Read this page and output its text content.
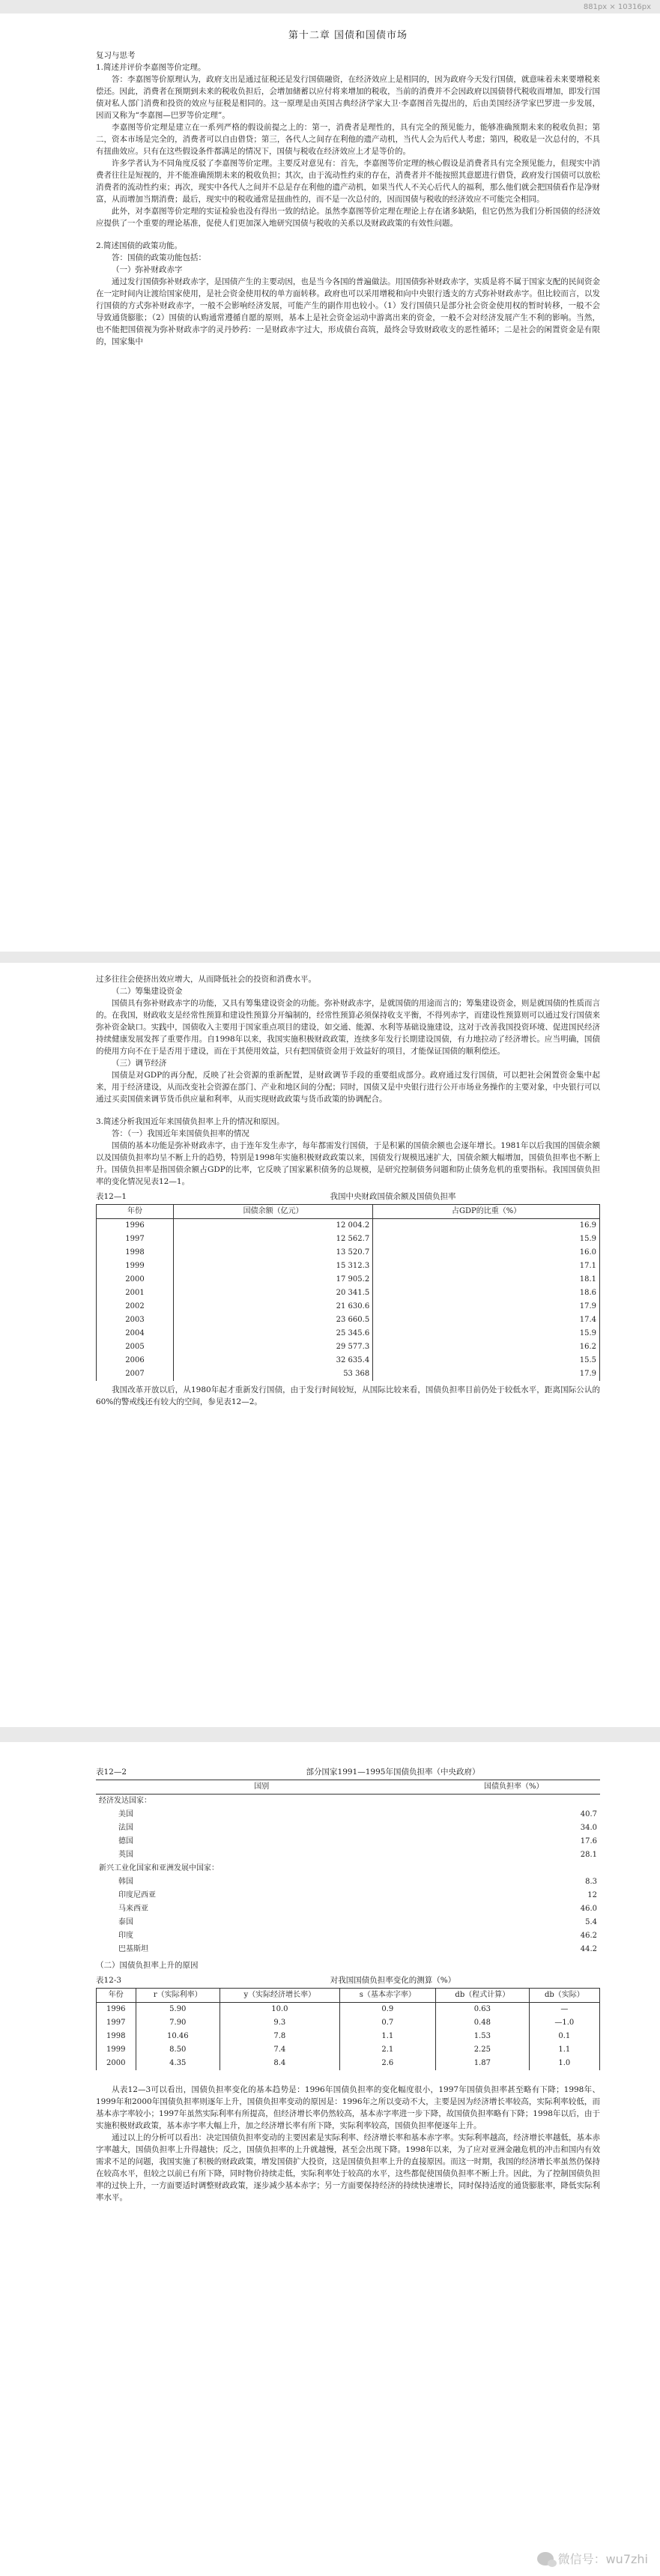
881px × 10316px
第十二章 国债和国债市场

复习与思考

1.简述并评价李嘉图等价定理。

答：李嘉图等价原理认为，政府支出是通过征税还是发行国债融资，在经济效应上是相同的，因为政府今天发行国债，就意味着未来要增税来偿还。因此，消费者在预期到未来的税收负担后，会增加储蓄以应付将来增加的税收，当前的消费并不会因政府以国债替代税收而增加，即发行国债对私人部门消费和投资的效应与征税是相同的。这一原理是由英国古典经济学家大卫·李嘉图首先提出的，后由美国经济学家巴罗进一步发展，因而又称为“李嘉图—巴罗等价定理”。

李嘉图等价定理是建立在一系列严格的假设前提之上的：第一，消费者是理性的，具有完全的预见能力，能够准确预期未来的税收负担；第二，资本市场是完全的，消费者可以自由借贷；第三，各代人之间存在利他的遗产动机，当代人会为后代人考虑；第四，税收是一次总付的，不具有扭曲效应。只有在这些假设条件都满足的情况下，国债与税收在经济效应上才是等价的。

许多学者认为不同角度反驳了李嘉图等价定理。主要反对意见有：首先，李嘉图等价定理的核心假设是消费者具有完全预见能力，但现实中消费者往往是短视的，并不能准确预期未来的税收负担；其次，由于流动性约束的存在，消费者并不能按照其意愿进行借贷，政府发行国债可以放松消费者的流动性约束；再次，现实中各代人之间并不总是存在利他的遗产动机，如果当代人不关心后代人的福利，那么他们就会把国债看作是净财富，从而增加当期消费；最后，现实中的税收通常是扭曲性的，而不是一次总付的，因而国债与税收的经济效应不可能完全相同。

此外，对李嘉图等价定理的实证检验也没有得出一致的结论。虽然李嘉图等价定理在理论上存在诸多缺陷，但它仍然为我们分析国债的经济效应提供了一个重要的理论基准，促使人们更加深入地研究国债与税收的关系以及财政政策的有效性问题。

2.简述国债的政策功能。

答：国债的政策功能包括：

（一）弥补财政赤字

通过发行国债弥补财政赤字，是国债产生的主要动因，也是当今各国的普遍做法。用国债弥补财政赤字，实质是将不属于国家支配的民间资金在一定时间内让渡给国家使用，是社会资金使用权的单方面转移。政府也可以采用增税和向中央银行透支的方式弥补财政赤字。但比较而言，以发行国债的方式弥补财政赤字，一般不会影响经济发展，可能产生的副作用也较小。（1）发行国债只是部分社会资金使用权的暂时转移，一般不会导致通货膨胀；（2）国债的认购通常遵循自愿的原则，基本上是社会资金运动中游离出来的资金，一般不会对经济发展产生不利的影响。当然，也不能把国债视为弥补财政赤字的灵丹妙药：一是财政赤字过大，形成债台高筑，最终会导致财政收支的恶性循环；二是社会的闲置资金是有限的，国家集中

过多往往会使挤出效应增大，从而降低社会的投资和消费水平。

（二）筹集建设资金

国债具有弥补财政赤字的功能，又具有筹集建设资金的功能。弥补财政赤字，是就国债的用途而言的；筹集建设资金，则是就国债的性质而言的。在我国，财政收支是经常性预算和建设性预算分开编制的，经常性预算必须保持收支平衡，不得列赤字，而建设性预算则可以通过发行国债来弥补资金缺口。实践中，国债收入主要用于国家重点项目的建设，如交通、能源、水利等基础设施建设，这对于改善我国投资环境、促进国民经济持续健康发展发挥了重要作用。自1998年以来，我国实施积极财政政策，连续多年发行长期建设国债，有力地拉动了经济增长。应当明确，国债的使用方向不在于是否用于建设，而在于其使用效益，只有把国债资金用于效益好的项目，才能保证国债的顺利偿还。

（三）调节经济

国债是对GDP的再分配，反映了社会资源的重新配置，是财政调节手段的重要组成部分。政府通过发行国债，可以把社会闲置资金集中起来，用于经济建设，从而改变社会资源在部门、产业和地区间的分配；同时，国债又是中央银行进行公开市场业务操作的主要对象，中央银行可以通过买卖国债来调节货币供应量和利率，从而实现财政政策与货币政策的协调配合。

3.简述分析我国近年来国债负担率上升的情况和原因。

答：（一）我国近年来国债负担率的情况

国债的基本功能是弥补财政赤字，由于连年发生赤字，每年都需发行国债，于是积累的国债余额也会逐年增长。1981年以后我国的国债余额以及国债负担率均呈不断上升的趋势，特别是1998年实施积极财政政策以来，国债发行规模迅速扩大，国债余额大幅增加，国债负担率也不断上升。国债负担率是指国债余额占GDP的比率，它反映了国家累积债务的总规模，是研究控制债务问题和防止债务危机的重要指标。我国国债负担率的变化情况见表12—1。

表12—1	我国中央财政国债余额及国债负担率
年份	国债余额（亿元）	占GDP的比重（%）
1996	12 004.2	16.9
1997	12 562.7	15.9
1998	13 520.7	16.0
1999	15 312.3	17.1
2000	17 905.2	18.1
2001	20 341.5	18.6
2002	21 630.6	17.9
2003	23 660.5	17.4
2004	25 345.6	15.9
2005	29 577.3	16.2
2006	32 635.4	15.5
2007	53 368	17.9

我国改革开放以后，从1980年起才重新发行国债，由于发行时间较短，从国际比较来看，国债负担率目前仍处于较低水平，距离国际公认的60%的警戒线还有较大的空间，参见表12—2。

表12—2	部分国家1991—1995年国债负担率（中央政府）
国别	国债负担率（%）
经济发达国家：	
美国	40.7
法国	34.0
德国	17.6
英国	28.1
新兴工业化国家和亚洲发展中国家：	
韩国	8.3
印度尼西亚	12
马来西亚	46.0
泰国	5.4
印度	46.2
巴基斯坦	44.2

（二）国债负担率上升的原因

表12-3	对我国国债负担率变化的测算（%）
年份	r（实际利率）	y（实际经济增长率）	s（基本赤字率）	db（程式计算）	db（实际）
1996	5.90	10.0	0.9	0.63	—
1997	7.90	9.3	0.7	0.48	—1.0
1998	10.46	7.8	1.1	1.53	0.1
1999	8.50	7.4	2.1	2.25	1.1
2000	4.35	8.4	2.6	1.87	1.0

从表12—3可以看出，国债负担率变化的基本趋势是：1996年国债负担率的变化幅度很小，1997年国债负担率甚至略有下降；1998年、1999年和2000年国债负担率则逐年上升，国债负担率变动的原因是：1996年之所以变动不大，主要是因为经济增长率较高，实际利率较低，而基本赤字率较小；1997年虽然实际利率有所提高，但经济增长率仍然较高，基本赤字率进一步下降，故国债负担率略有下降；1998年以后，由于实施积极财政政策，基本赤字率大幅上升，加之经济增长率有所下降，实际利率较高，国债负担率便逐年上升。

通过以上的分析可以看出：决定国债负担率变动的主要因素是实际利率、经济增长率和基本赤字率。实际利率越高，经济增长率越低，基本赤字率越大，国债负担率上升得越快；反之，国债负担率的上升就越慢，甚至会出现下降。1998年以来，为了应对亚洲金融危机的冲击和国内有效需求不足的问题，我国实施了积极的财政政策，增发国债扩大投资，这是国债负担率上升的直接原因。而这一时期，我国的经济增长率虽然仍保持在较高水平，但较之以前已有所下降，同时物价持续走低，实际利率处于较高的水平，这些都促使国债负担率不断上升。因此，为了控制国债负担率的过快上升，一方面要适时调整财政政策，逐步减少基本赤字；另一方面要保持经济的持续快速增长，同时保持适度的通货膨胀率，降低实际利率水平。

微信号：wu7zhi
